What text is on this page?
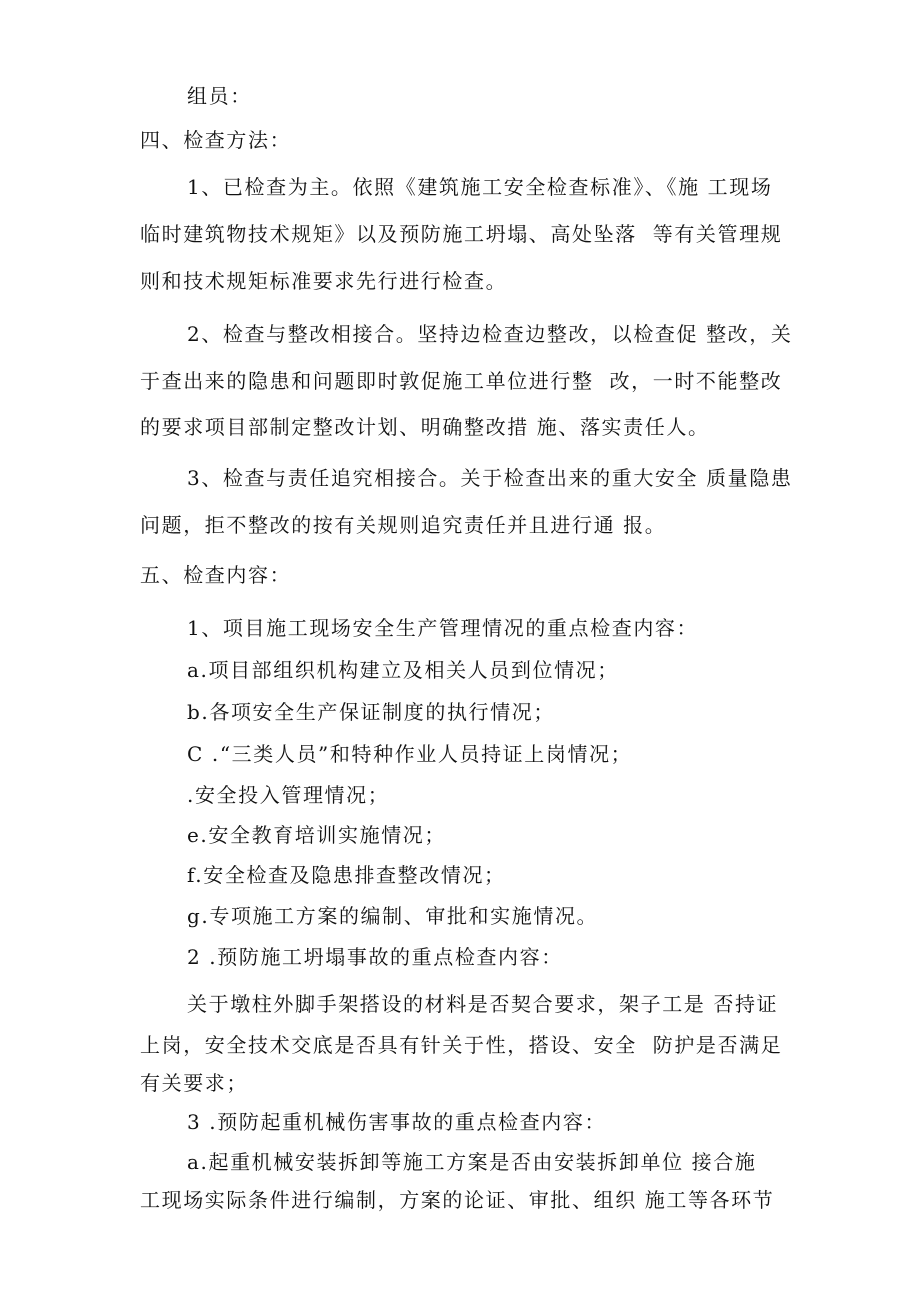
组员：
四、检查方法：
1、已检查为主。依照《建筑施工安全检查标准》、《施 工现场
临时建筑物技术规矩》以及预防施工坍塌、高处坠落  等有关管理规
则和技术规矩标准要求先行进行检查。
2、检查与整改相接合。坚持边检查边整改，以检查促 整改，关
于查出来的隐患和问题即时敦促施工单位进行整  改，一时不能整改
的要求项目部制定整改计划、明确整改措 施、落实责任人。
3、检查与责任追究相接合。关于检查出来的重大安全 质量隐患
问题，拒不整改的按有关规则追究责任并且进行通 报。
五、检查内容：
1、项目施工现场安全生产管理情况的重点检查内容：
a.项目部组织机构建立及相关人员到位情况；
b.各项安全生产保证制度的执行情况；
C .“三类人员”和特种作业人员持证上岗情况；
.安全投入管理情况；
e.安全教育培训实施情况；
f.安全检查及隐患排查整改情况；
g.专项施工方案的编制、审批和实施情况。
2 .预防施工坍塌事故的重点检查内容：
关于墩柱外脚手架搭设的材料是否契合要求，架子工是 否持证
上岗，安全技术交底是否具有针关于性，搭设、安全  防护是否满足
有关要求；
3 .预防起重机械伤害事故的重点检查内容：
a.起重机械安装拆卸等施工方案是否由安装拆卸单位 接合施
工现场实际条件进行编制，方案的论证、审批、组织 施工等各环节
